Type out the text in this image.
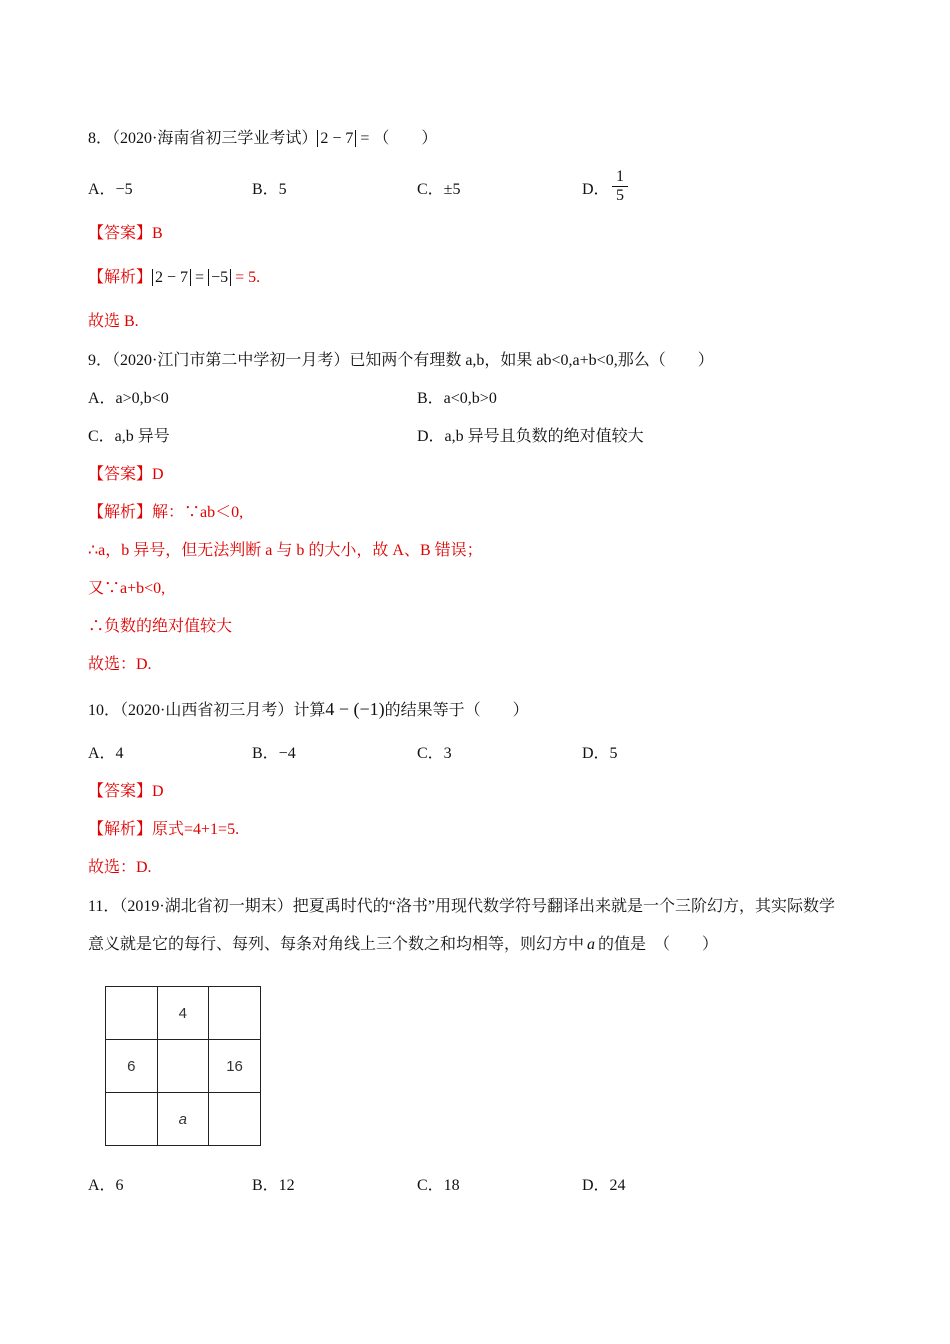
8．（2020·海南省初三学业考试） 2 − 7 = （　　）
A．−5	B．5	C．±5	D． $\frac{1}{5}$
【答案】B
【解析】 2 − 7 = −5 = 5.
故选 B.
9．（2020·江门市第二中学初一月考）已知两个有理数 a,b，如果 ab<0,a+b<0,那么（　　）
A．a>0,b<0	B．a<0,b>0
C．a,b 异号	D．a,b 异号且负数的绝对值较大
【答案】D
【解析】解：∵ab＜0,
∴a，b 异号，但无法判断 a 与 b 的大小，故 A、B 错误；
又∵a+b<0,
∴负数的绝对值较大
故选：D.
10．（2020·山西省初三月考）计算4 − (−1)的结果等于（　　）
A．4	B．−4	C．3	D．5
【答案】D
【解析】原式=4+1=5.
故选：D.
11．（2019·湖北省初一期末）把夏禹时代的“洛书”用现代数学符号翻译出来就是一个三阶幻方，其实际数学
意义就是它的每行、每列、每条对角线上三个数之和均相等，则幻方中 a 的值是　（　　）
	4	
6		16
	a	
A．6	B．12	C．18	D．24
